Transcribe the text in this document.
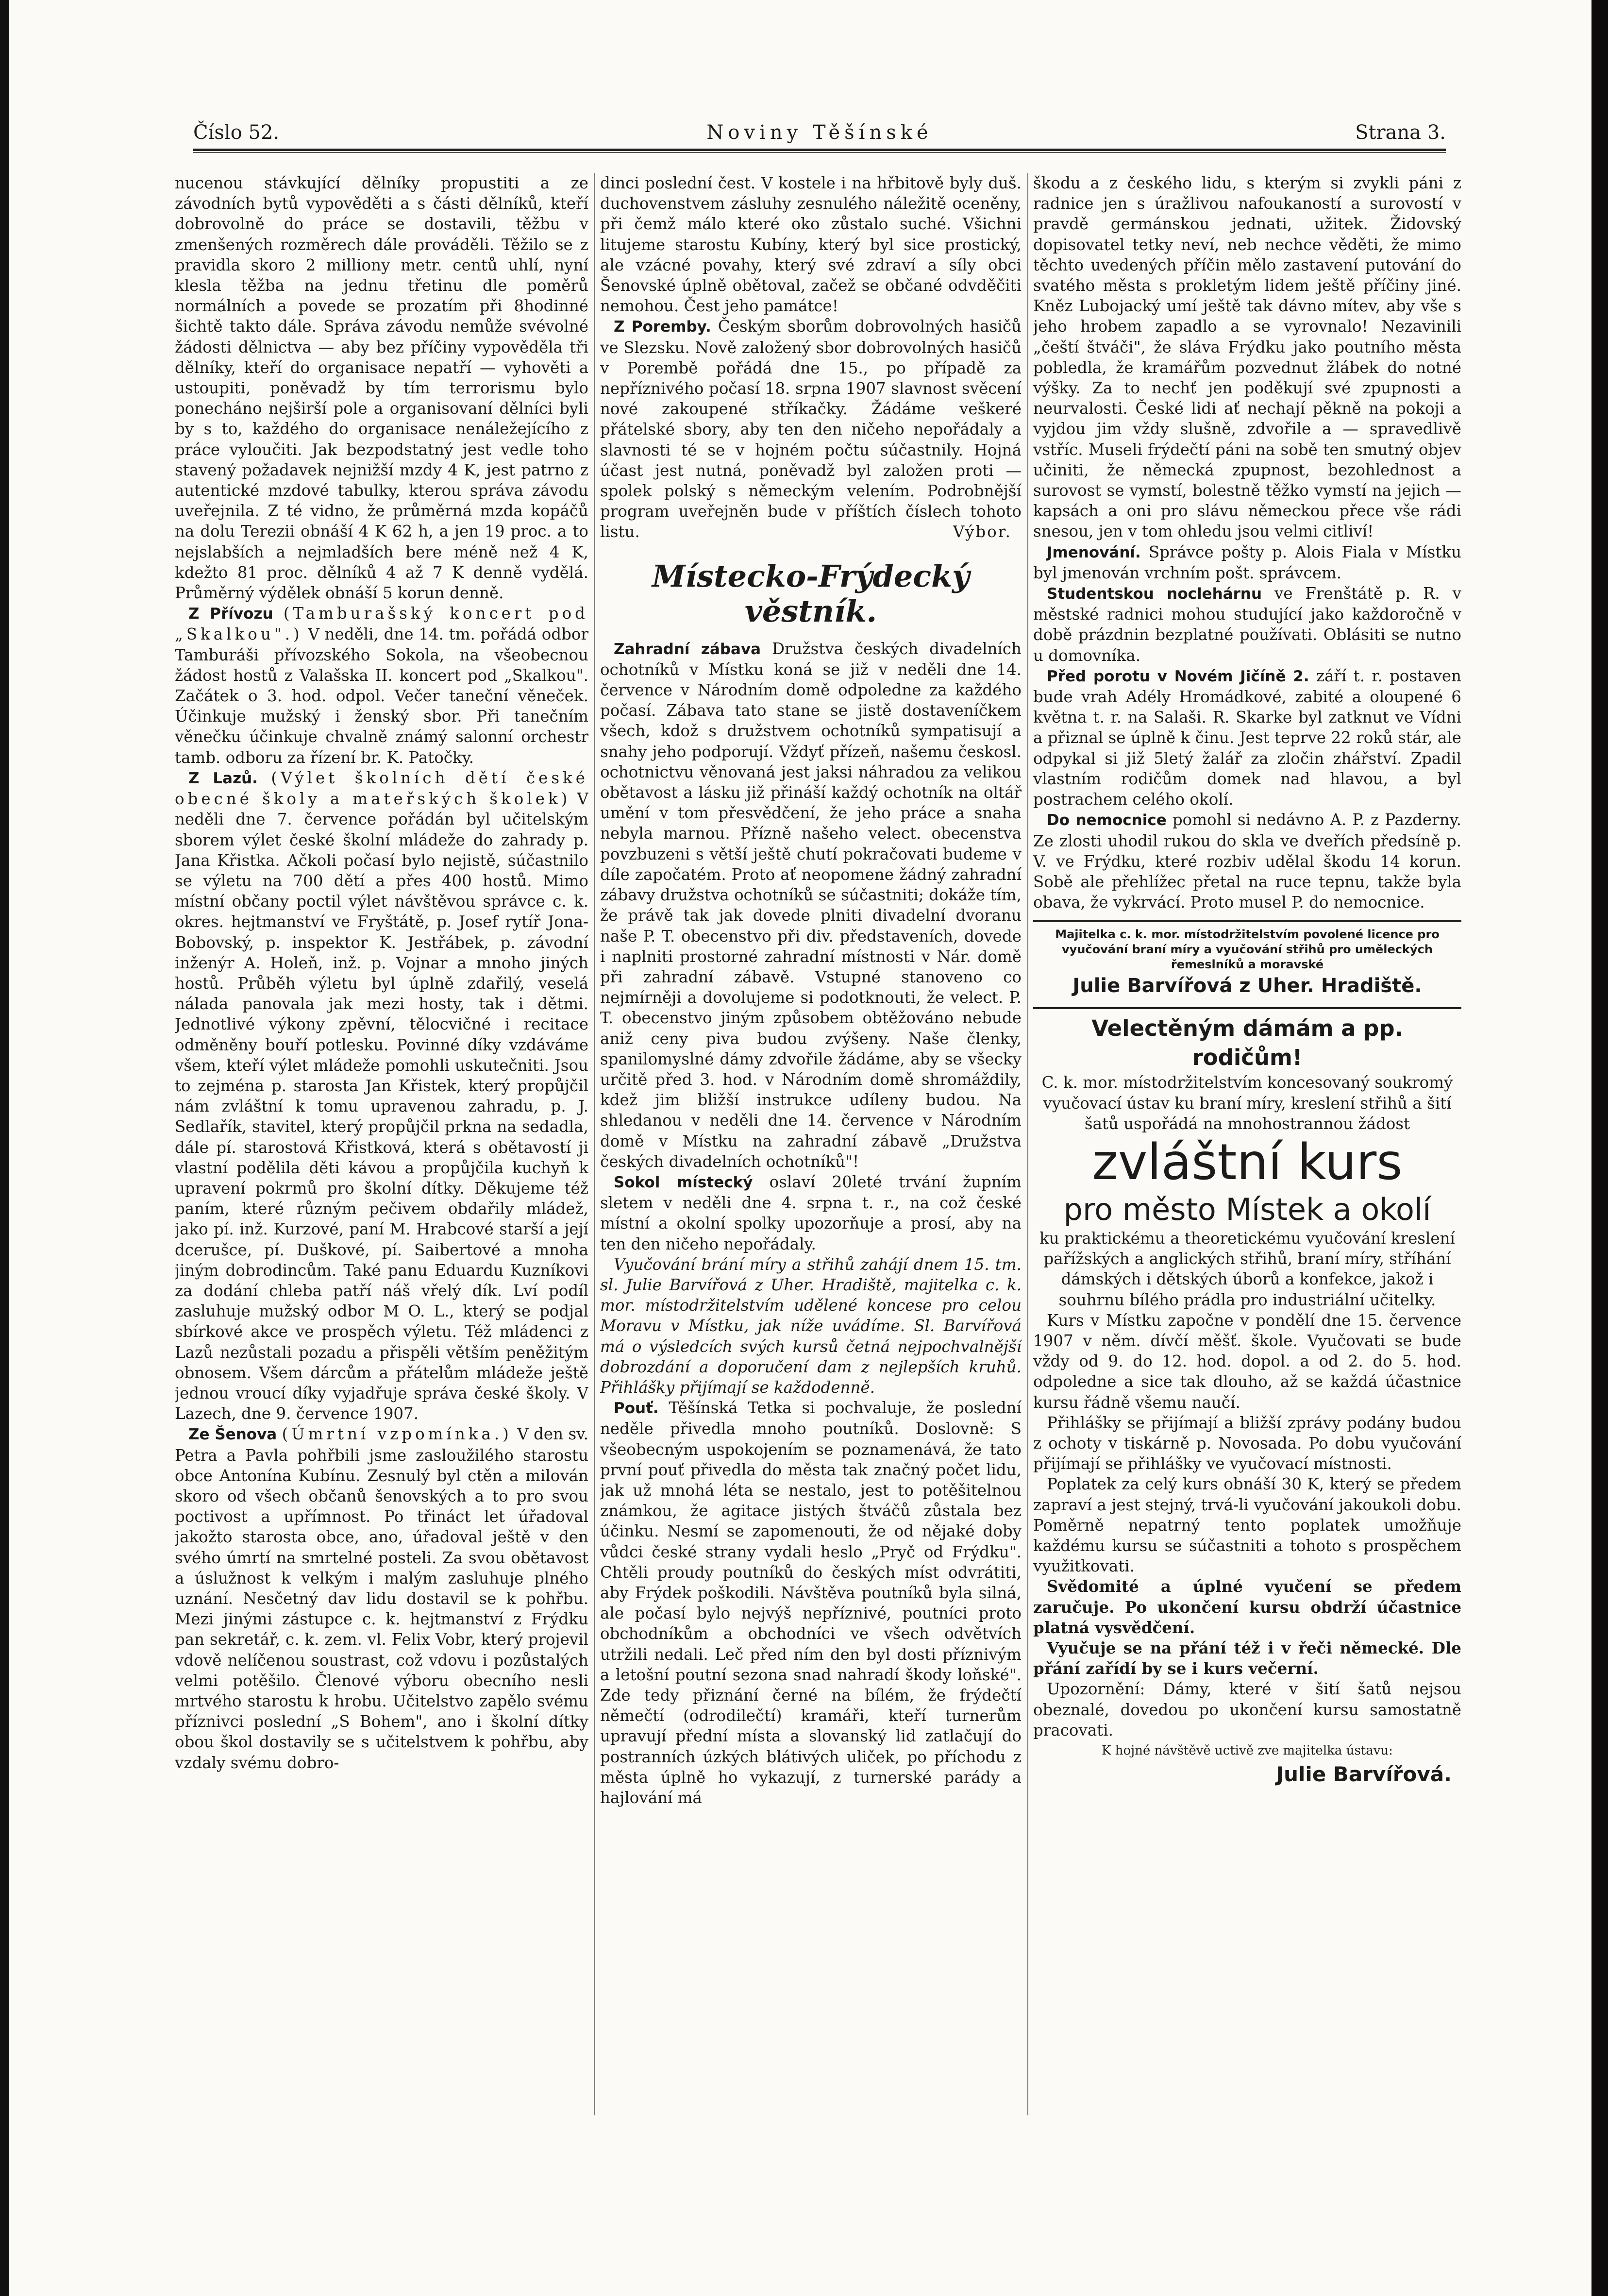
Číslo 52.	Noviny Těšínské	Strana 3.

nucenou stávkující dělníky propustiti a ze závodních bytů vypověděti a s části dělníků, kteří dobrovolně do práce se dostavili, těžbu v zmenšených rozměrech dále prováděli. Těžilo se z pravidla skoro 2 milliony metr. centů uhlí, nyní klesla těžba na jednu třetinu dle poměrů normálních a povede se prozatím při 8hodinné šichtě takto dále. Správa závodu nemůže svévolné žádosti dělnictva — aby bez příčiny vypověděla tři dělníky, kteří do organisace nepatří — vyhověti a ustoupiti, poněvadž by tím terrorismu bylo ponecháno nejširší pole a organisovaní dělníci byli by s to, každého do organisace nenáležejícího z práce vyloučiti. Jak bezpodstatný jest vedle toho stavený požadavek nejnižší mzdy 4 K, jest patrno z autentické mzdové tabulky, kterou správa závodu uveřejnila. Z té vidno, že průměrná mzda kopáčů na dolu Terezii obnáší 4 K 62 h, a jen 19 proc. a to nejslabších a nejmladších bere méně než 4 K, kdežto 81 proc. dělníků 4 až 7 K denně vydělá. Průměrný výdělek obnáší 5 korun denně.

Z Přívozu (Tamburašský koncert pod „Skalkou".) V neděli, dne 14. tm. pořádá odbor Tamburáši přívozského Sokola, na všeobecnou žádost hostů z Valašska II. koncert pod „Skalkou". Začátek o 3. hod. odpol. Večer taneční věneček. Účinkuje mužský i ženský sbor. Při tanečním věnečku účinkuje chvalně známý salonní orchestr tamb. odboru za řízení br. K. Patočky.

Z Lazů. (Výlet školních dětí české obecné školy a mateřských školek) V neděli dne 7. července pořádán byl učitelským sborem výlet české školní mládeže do zahrady p. Jana Křistka. Ačkoli počasí bylo nejistě, súčastnilo se výletu na 700 dětí a přes 400 hostů. Mimo místní občany poctil výlet návštěvou správce c. k. okres. hejtmanství ve Fryštátě, p. Josef rytíř Jona-Bobovský, p. inspektor K. Jestřábek, p. závodní inženýr A. Holeň, inž. p. Vojnar a mnoho jiných hostů. Průběh výletu byl úplně zdařilý, veselá nálada panovala jak mezi hosty, tak i dětmi. Jednotlivé výkony zpěvní, tělocvičné i recitace odměněny bouří potlesku. Povinné díky vzdáváme všem, kteří výlet mládeže pomohli uskutečniti. Jsou to zejména p. starosta Jan Křistek, který propůjčil nám zvláštní k tomu upravenou zahradu, p. J. Sedlařík, stavitel, který propůjčil prkna na sedadla, dále pí. starostová Křistková, která s obětavostí ji vlastní podělila děti kávou a propůjčila kuchyň k upravení pokrmů pro školní dítky. Děkujeme též paním, které různým pečivem obdařily mládež, jako pí. inž. Kurzové, paní M. Hrabcové starší a její dcerušce, pí. Duškové, pí. Saibertové a mnoha jiným dobrodincům. Také panu Eduardu Kuzníkovi za dodání chleba patří náš vřelý dík. Lví podíl zasluhuje mužský odbor M O. L., který se podjal sbírkové akce ve prospěch výletu. Též mládenci z Lazů nezůstali pozadu a přispěli větším peněžitým obnosem. Všem dárcům a přátelům mládeže ještě jednou vroucí díky vyjadřuje správa české školy. V Lazech, dne 9. července 1907.

Ze Šenova (Úmrtní vzpomínka.) V den sv. Petra a Pavla pohřbili jsme zasloužilého starostu obce Antonína Kubínu. Zesnulý byl ctěn a milován skoro od všech občanů šenovských a to pro svou poctivost a upřímnost. Po třináct let úřadoval jakožto starosta obce, ano, úřadoval ještě v den svého úmrtí na smrtelné posteli. Za svou obětavost a úslužnost k velkým i malým zasluhuje plného uznání. Nesčetný dav lidu dostavil se k pohřbu. Mezi jinými zástupce c. k. hejtmanství z Frýdku pan sekretář, c. k. zem. vl. Felix Vobr, který projevil vdově nelíčenou soustrast, což vdovu i pozůstalých velmi potěšilo. Členové výboru obecního nesli mrtvého starostu k hrobu. Učitelstvo zapělo svému příznivci poslední „S Bohem", ano i školní dítky obou škol dostavily se s učitelstvem k pohřbu, aby vzdaly svému dobro-

dinci poslední čest. V kostele i na hřbitově byly duš. duchovenstvem zásluhy zesnulého náležitě oceněny, při čemž málo které oko zůstalo suché. Všichni litujeme starostu Kubíny, který byl sice prostický, ale vzácné povahy, který své zdraví a síly obci Šenovské úplně obětoval, začež se občané odvděčiti nemohou. Čest jeho památce!

Z Poremby. Českým sborům dobrovolných hasičů ve Slezsku. Nově založený sbor dobrovolných hasičů v Porembě pořádá dne 15., po případě za nepříznivého počasí 18. srpna 1907 slavnost svěcení nové zakoupené stříkačky. Žádáme veškeré přátelské sbory, aby ten den ničeho nepořádaly a slavnosti té se v hojném počtu súčastnily. Hojná účast jest nutná, poněvadž byl založen proti — spolek polský s německým velením. Podrobnější program uveřejněn bude v příštích číslech tohoto listu.	Výbor.

Místecko-Frýdecký věstník.

Zahradní zábava Družstva českých divadelních ochotníků v Místku koná se již v neděli dne 14. července v Národním domě odpoledne za každého počasí. Zábava tato stane se jistě dostaveníčkem všech, kdož s družstvem ochotníků sympatisují a snahy jeho podporují. Vždyť přízeň, našemu českosl. ochotnictvu věnovaná jest jaksi náhradou za velikou obětavost a lásku již přináší každý ochotník na oltář umění v tom přesvědčení, že jeho práce a snaha nebyla marnou. Přízně našeho velect. obecenstva povzbuzeni s větší ještě chutí pokračovati budeme v díle započatém. Proto ať neopomene žádný zahradní zábavy družstva ochotníků se súčastniti; dokáže tím, že právě tak jak dovede plniti divadelní dvoranu naše P. T. obecenstvo při div. představeních, dovede i naplniti prostorné zahradní místnosti v Nár. domě při zahradní zábavě. Vstupné stanoveno co nejmírněji a dovolujeme si podotknouti, že velect. P. T. obecenstvo jiným způsobem obtěžováno nebude aniž ceny piva budou zvýšeny. Naše členky, spanilomyslné dámy zdvořile žádáme, aby se všecky určitě před 3. hod. v Národním domě shromáždily, kdež jim bližší instrukce udíleny budou. Na shledanou v neděli dne 14. července v Národním domě v Místku na zahradní zábavě „Družstva českých divadelních ochotníků"!

Sokol místecký oslaví 20leté trvání župním sletem v neděli dne 4. srpna t. r., na což české místní a okolní spolky upozorňuje a prosí, aby na ten den ničeho nepořádaly.

Vyučování brání míry a střihů zahájí dnem 15. tm. sl. Julie Barvířová z Uher. Hradiště, majitelka c. k. mor. místodržitelstvím udělené koncese pro celou Moravu v Místku, jak níže uvádíme. Sl. Barvířová má o výsledcích svých kursů četná nejpochvalnější dobrozdání a doporučení dam z nejlepších kruhů. Přihlášky přijímají se každodenně.

Pouť. Těšínská Tetka si pochvaluje, že poslední neděle přivedla mnoho poutníků. Doslovně: S všeobecným uspokojením se poznamenává, že tato první pouť přivedla do města tak značný počet lidu, jak už mnohá léta se nestalo, jest to potěšitelnou známkou, že agitace jistých štváčů zůstala bez účinku. Nesmí se zapomenouti, že od nějaké doby vůdci české strany vydali heslo „Pryč od Frýdku". Chtěli proudy poutníků do českých míst odvrátiti, aby Frýdek poškodili. Návštěva poutníků byla silná, ale počasí bylo nejvýš nepříznivé, poutníci proto obchodníkům a obchodníci ve všech odvětvích utržili nedali. Leč před ním den byl dosti příznivým a letošní poutní sezona snad nahradí škody loňské". Zde tedy přiznání černé na bílém, že frýdečtí němečtí (odrodilečtí) kramáři, kteří turnerům upravují přední místa a slovanský lid zatlačují do postranních úzkých blátivých uliček, po příchodu z města úplně ho vykazují, z turnerské parády a hajlování má

škodu a z českého lidu, s kterým si zvykli páni z radnice jen s úražlivou nafoukaností a surovostí v pravdě germánskou jednati, užitek. Židovský dopisovatel tetky neví, neb nechce věděti, že mimo těchto uvedených příčin mělo zastavení putování do svatého města s prokletým lidem ještě příčiny jiné. Kněz Lubojacký umí ještě tak dávno mítev, aby vše s jeho hrobem zapadlo a se vyrovnalo! Nezavinili „čeští štváči", že sláva Frýdku jako poutního města pobledla, že kramářům pozvednut žlábek do notné výšky. Za to nechť jen poděkují své zpupnosti a neurvalosti. České lidi ať nechají pěkně na pokoji a vyjdou jim vždy slušně, zdvořile a — spravedlivě vstříc. Museli frýdečtí páni na sobě ten smutný objev učiniti, že německá zpupnost, bezohlednost a surovost se vymstí, bolestně těžko vymstí na jejich — kapsách a oni pro slávu německou přece vše rádi snesou, jen v tom ohledu jsou velmi citliví!

Jmenování. Správce pošty p. Alois Fiala v Místku byl jmenován vrchním pošt. správcem.

Studentskou noclehárnu ve Frenštátě p. R. v městské radnici mohou studující jako každoročně v době prázdnin bezplatné používati. Oblásiti se nutno u domovníka.

Před porotu v Novém Jičíně 2. září t. r. postaven bude vrah Adély Hromádkové, zabité a oloupené 6 května t. r. na Salaši. R. Skarke byl zatknut ve Vídni a přiznal se úplně k činu. Jest teprve 22 roků stár, ale odpykal si již 5letý žalář za zločin zhářství. Zpadil vlastním rodičům domek nad hlavou, a byl postrachem celého okolí.

Do nemocnice pomohl si nedávno A. P. z Pazderny. Ze zlosti uhodil rukou do skla ve dveřích předsíně p. V. ve Frýdku, které rozbiv udělal škodu 14 korun. Sobě ale přehlížec přetal na ruce tepnu, takže byla obava, že vykrvácí. Proto musel P. do nemocnice.

Majitelka c. k. mor. místodržitelstvím povolené licence pro vyučování braní míry a vyučování střihů pro uměleckých řemeslníků a moravské

Julie Barvířová z Uher. Hradiště.

Velectěným dámám a pp. rodičům!

C. k. mor. místodržitelstvím koncesovaný soukromý vyučovací ústav ku braní míry, kreslení střihů a šití šatů uspořádá na mnohostrannou žádost

zvláštní kurs

pro město Místek a okolí

ku praktickému a theoretickému vyučování kreslení pařížských a anglických střihů, braní míry, stříhání dámských i dětských úborů a konfekce, jakož i souhrnu bílého prádla pro industriální učitelky.

Kurs v Místku započne v pondělí dne 15. července 1907 v něm. dívčí měšť. škole. Vyučovati se bude vždy od 9. do 12. hod. dopol. a od 2. do 5. hod. odpoledne a sice tak dlouho, až se každá účastnice kursu řádně všemu naučí.

Přihlášky se přijímají a bližší zprávy podány budou z ochoty v tiskárně p. Novosada. Po dobu vyučování přijímají se přihlášky ve vyučovací místnosti.

Poplatek za celý kurs obnáší 30 K, který se předem zapraví a jest stejný, trvá-li vyučování jakoukoli dobu. Poměrně nepatrný tento poplatek umožňuje každému kursu se súčastniti a tohoto s prospěchem využitkovati.

Svědomité a úplné vyučení se předem zaručuje. Po ukončení kursu obdrží účastnice platná vysvědčení.

Vyučuje se na přání též i v řeči německé. Dle přání zařídí by se i kurs večerní.

Upozornění: Dámy, které v šití šatů nejsou obeznalé, dovedou po ukončení kursu samostatně pracovati.

K hojné návštěvě uctivě zve majitelka ústavu:

Julie Barvířová.
